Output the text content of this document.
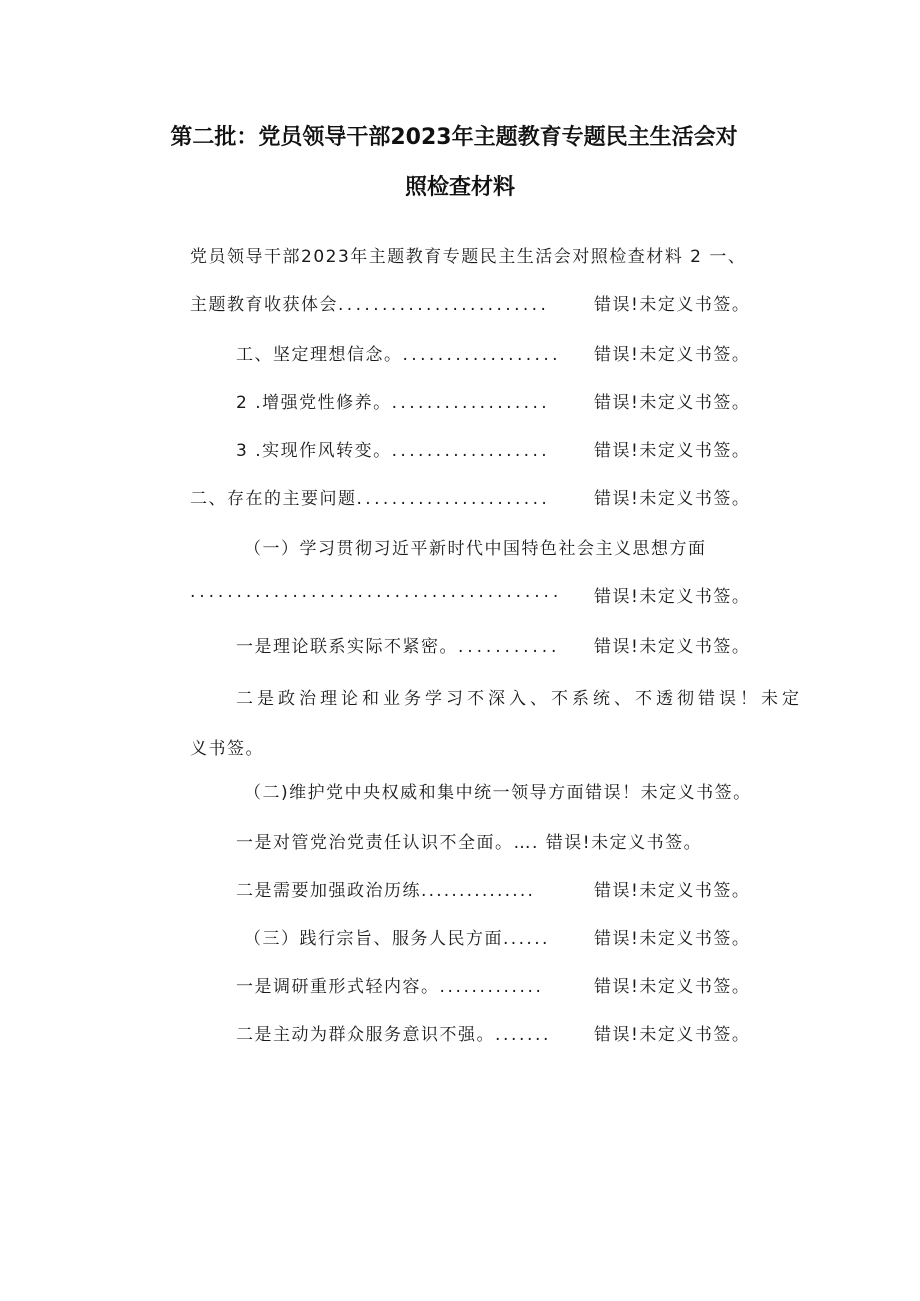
第二批：党员领导干部2023年主题教育专题民主生活会对
照检查材料
党员领导干部2023年主题教育专题民主生活会对照检查材料 2 一、
主题教育收获体会........................	错误!未定义书签。
工、坚定理想信念。.................. 错误!未定义书签。
2 .增强党性修养。..................	错误!未定义书签。
3 .实现作风转变。..................	错误!未定义书签。
二、存在的主要问题......................	错误!未定义书签。
（一）学习贯彻习近平新时代中国特色社会主义思想方面
........................................ 错误!未定义书签。
一是理论联系实际不紧密。........... 错误!未定义书签。
二是政治理论和业务学习不深入、不系统、不透彻错误！未定
义书签。
（二)维护党中央权威和集中统一领导方面错误！未定义书签。
一是对管党治党责任认识不全面。…. 错误!未定义书签。
二是需要加强政治历练...............	错误!未定义书签。
（三）践行宗旨、服务人民方面......	错误!未定义书签。
一是调研重形式轻内容。.............	错误!未定义书签。
二是主动为群众服务意识不强。.......	错误!未定义书签。
